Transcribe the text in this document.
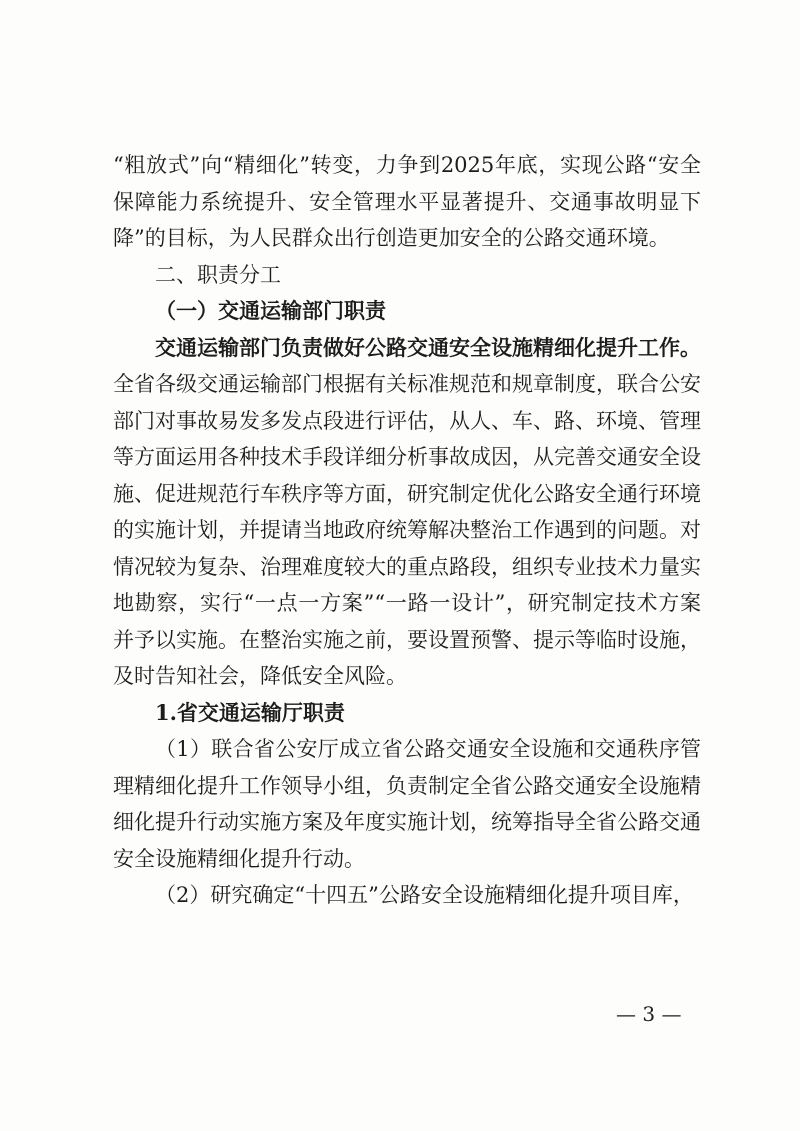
“粗放式”向“精细化”转变，力争到2025年底，实现公路“安全保障能力系统提升、安全管理水平显著提升、交通事故明显下降”的目标，为人民群众出行创造更加安全的公路交通环境。

二、职责分工

（一）交通运输部门职责

交通运输部门负责做好公路交通安全设施精细化提升工作。全省各级交通运输部门根据有关标准规范和规章制度，联合公安部门对事故易发多发点段进行评估，从人、车、路、环境、管理等方面运用各种技术手段详细分析事故成因，从完善交通安全设施、促进规范行车秩序等方面，研究制定优化公路安全通行环境的实施计划，并提请当地政府统筹解决整治工作遇到的问题。对情况较为复杂、治理难度较大的重点路段，组织专业技术力量实地勘察，实行“一点一方案”“一路一设计”，研究制定技术方案并予以实施。在整治实施之前，要设置预警、提示等临时设施，及时告知社会，降低安全风险。

1.省交通运输厅职责

（1）联合省公安厅成立省公路交通安全设施和交通秩序管理精细化提升工作领导小组，负责制定全省公路交通安全设施精细化提升行动实施方案及年度实施计划，统筹指导全省公路交通安全设施精细化提升行动。

（2）研究确定“十四五”公路安全设施精细化提升项目库，

— 3 —
